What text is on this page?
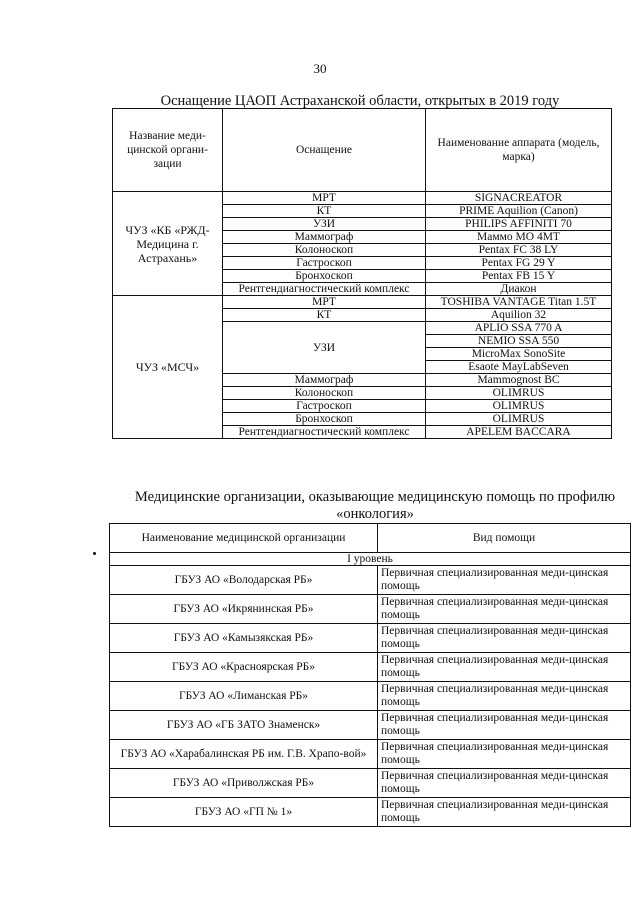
30
Оснащение ЦАОП Астраханской области, открытых в 2019 году
Название меди-цинской органи-зации	Оснащение	Наименование аппарата (модель, марка)
ЧУЗ «КБ «РЖД-Медицина г. Астрахань»	МРТ	SIGNACREATOR
	КТ	PRIME Aquilion (Canon)
	УЗИ	PHILIPS AFFINITI 70
	Маммограф	Маммо МО 4МТ
	Колоноскоп	Pentax FC 38 LY
	Гастроскоп	Pentax FG 29 Y
	Бронхоскоп	Pentax FB 15 Y
	Рентгендиагностический комплекс	Диакон
ЧУЗ «МСЧ»	МРТ	TOSHIBA VANTAGE Titan 1.5T
	КТ	Aquilion 32
	УЗИ	APLIO SSA 770 A
		NEMIO SSA 550
		MicroMax SonoSite
		Esaote MayLabSeven
	Маммограф	Mammognost BC
	Колоноскоп	OLIMRUS
	Гастроскоп	OLIMRUS
	Бронхоскоп	OLIMRUS
	Рентгендиагностический комплекс	APELEM BACCARA
Медицинские организации, оказывающие медицинскую помощь по профилю «онкология»
Наименование медицинской организации	Вид помощи
I уровень	
ГБУЗ АО «Володарская РБ»	Первичная специализированная меди-цинская помощь
ГБУЗ АО «Икрянинская РБ»	Первичная специализированная меди-цинская помощь
ГБУЗ АО «Камызякская РБ»	Первичная специализированная меди-цинская помощь
ГБУЗ АО «Красноярская РБ»	Первичная специализированная меди-цинская помощь
ГБУЗ АО «Лиманская РБ»	Первичная специализированная меди-цинская помощь
ГБУЗ АО «ГБ ЗАТО Знаменск»	Первичная специализированная меди-цинская помощь
ГБУЗ АО «Харабалинская РБ им. Г.В. Храпо-вой»	Первичная специализированная меди-цинская помощь
ГБУЗ АО «Приволжская РБ»	Первичная специализированная меди-цинская помощь
ГБУЗ АО «ГП № 1»	Первичная специализированная меди-цинская помощь
